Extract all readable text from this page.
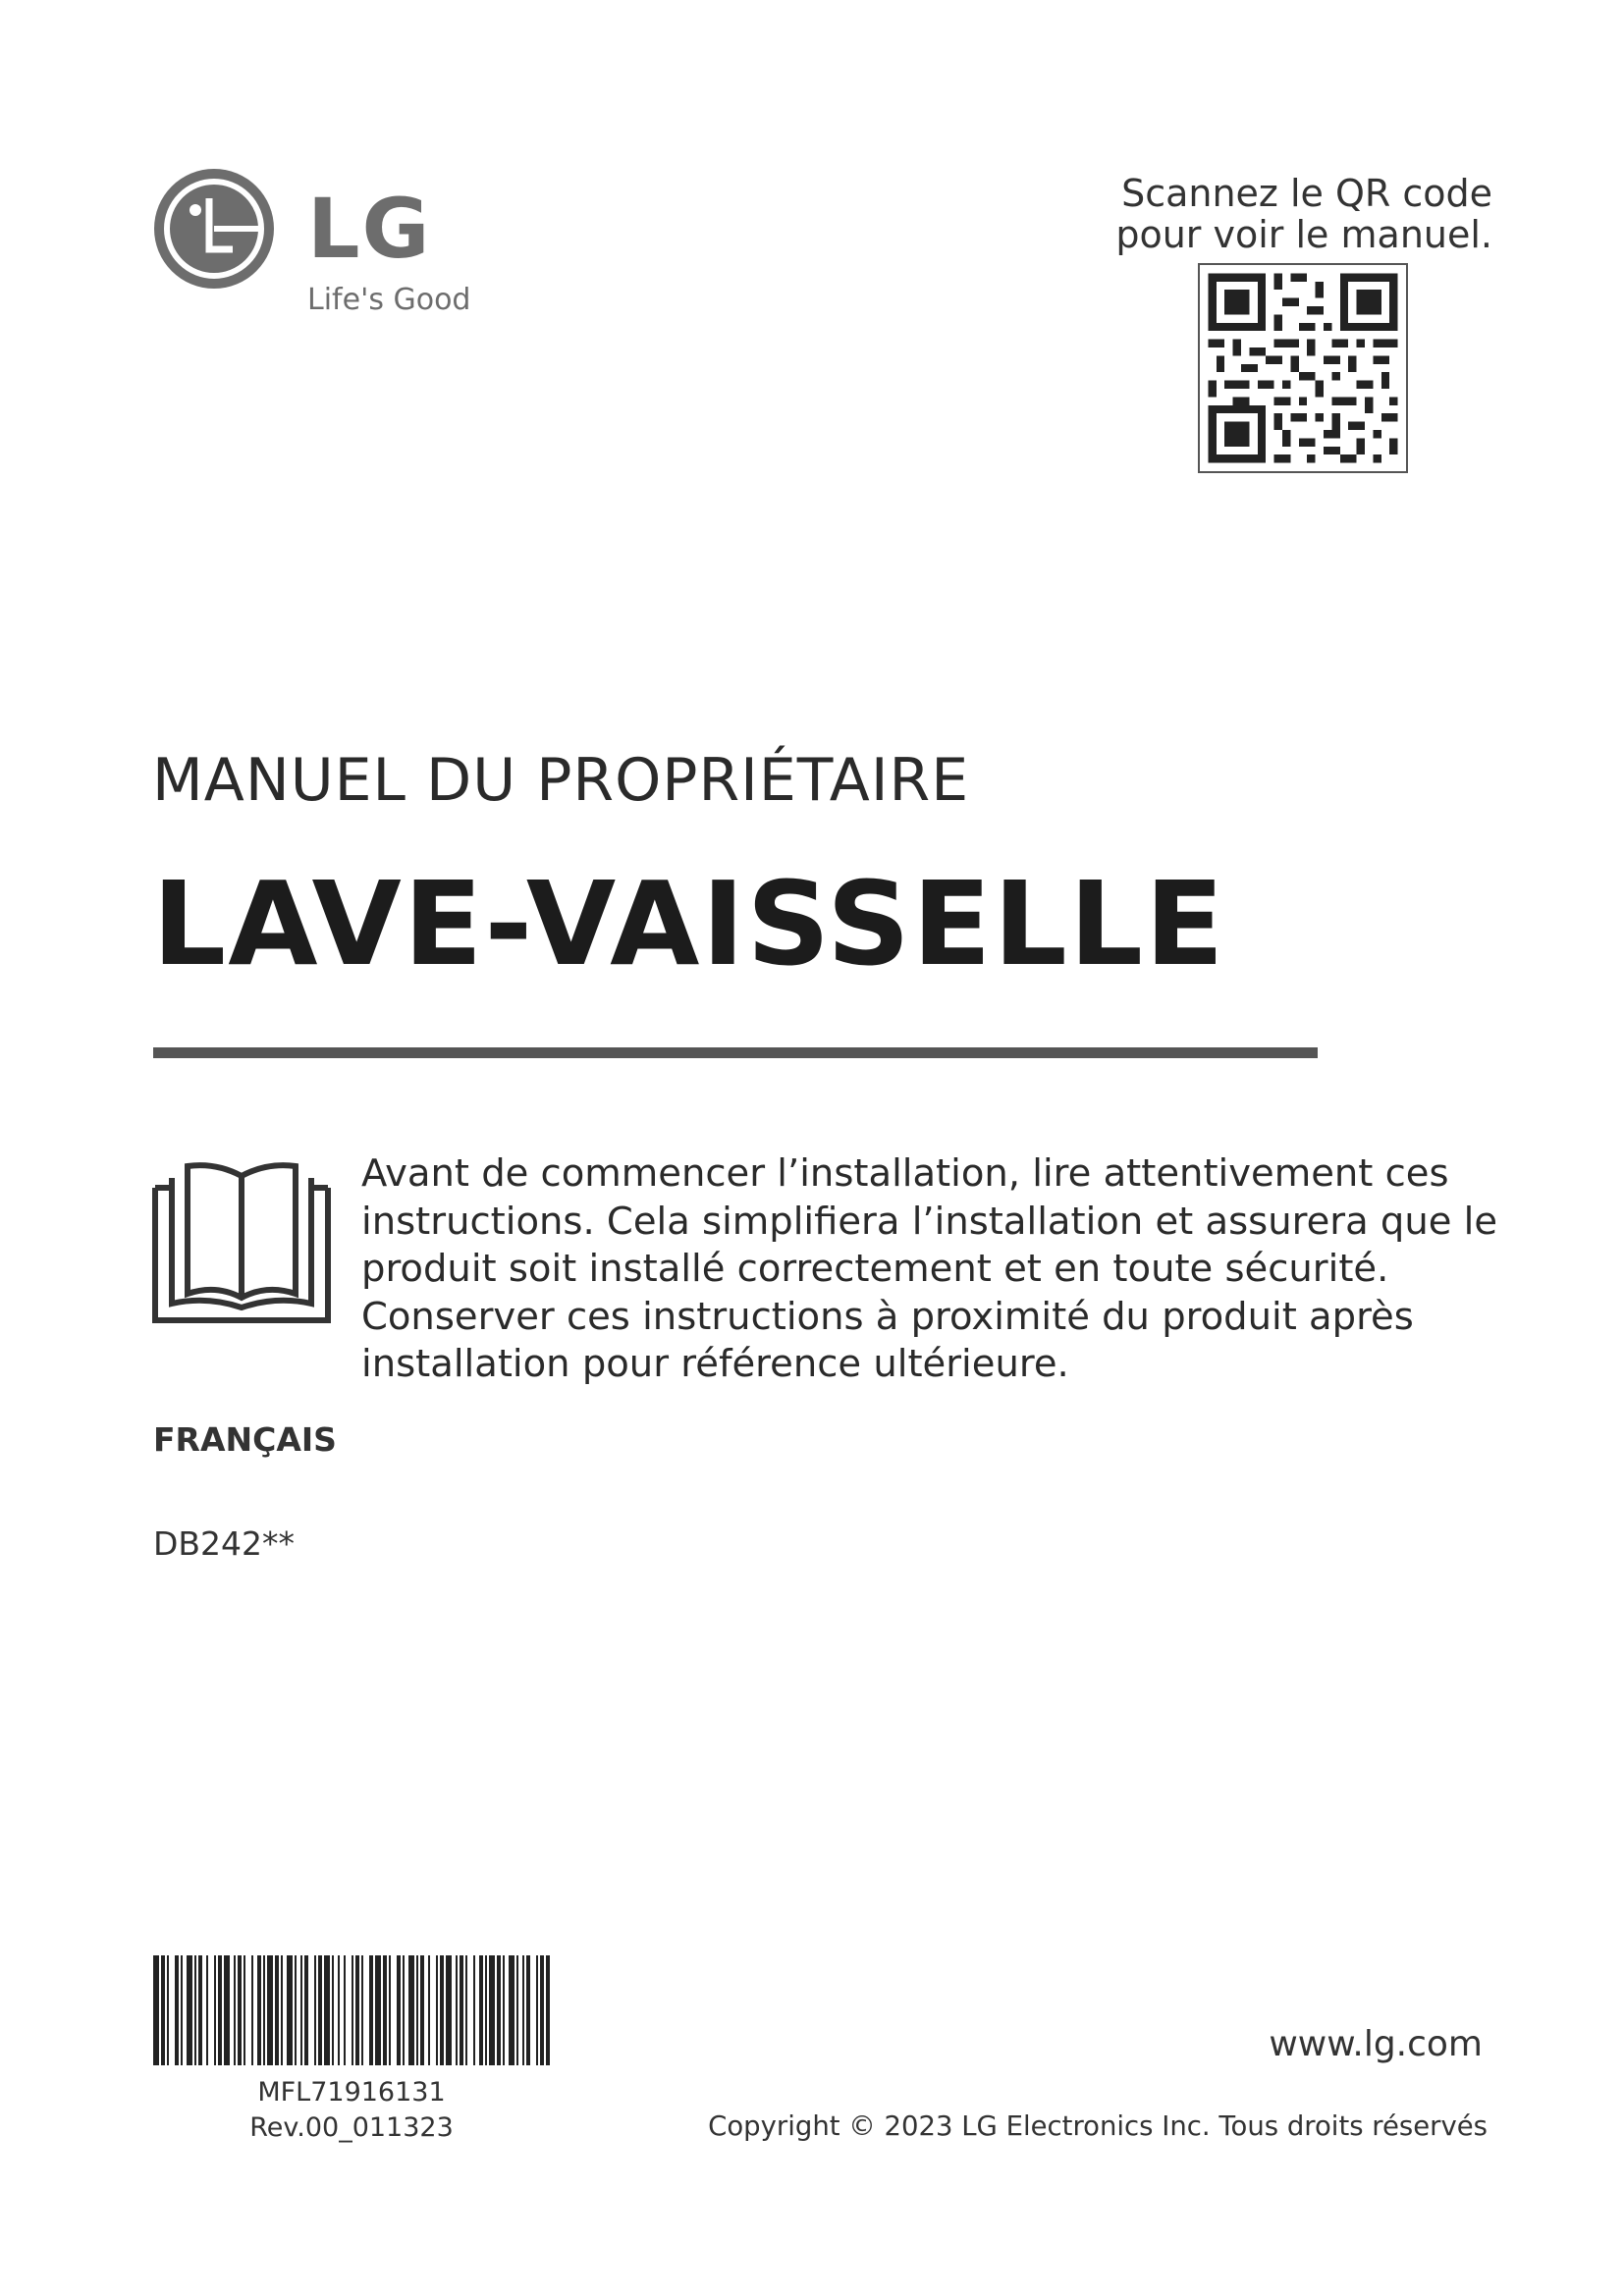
LG
Life's Good
Scannez le QR code
pour voir le manuel.
MANUEL DU PROPRIÉTAIRE
LAVE-VAISSELLE
Avant de commencer l’installation, lire attentivement ces
instructions. Cela simplifiera l’installation et assurera que le
produit soit installé correctement et en toute sécurité.
Conserver ces instructions à proximité du produit après
installation pour référence ultérieure.
FRANÇAIS
DB242**
MFL71916131
Rev.00_011323
www.lg.com
Copyright © 2023 LG Electronics Inc. Tous droits réservés
